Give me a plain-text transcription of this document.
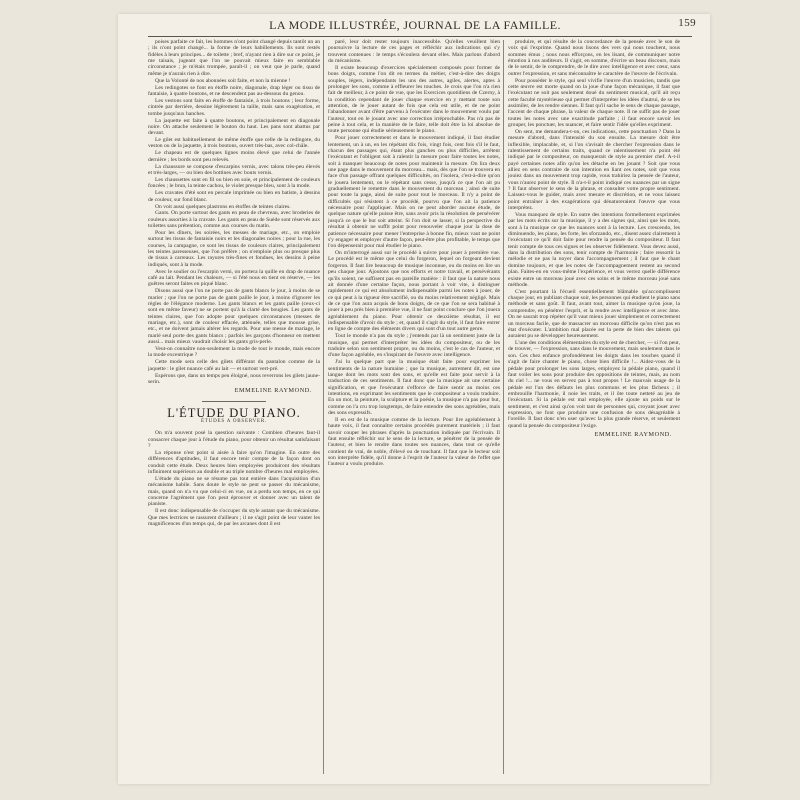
LA MODE ILLUSTRÉE, JOURNAL DE LA FAMILLE.	159

poises parfaite ce fait, les hommes n'ont point changé depuis tantôt un an ; ils n'ont point changé... la forme de leurs habillements. Ils sont restés fidèles à leurs principes... de toilette ; bref, n'ayant rien à dire sur ce point, je me taisais, jugeant que l'on ne pouvait mieux faire en semblable circonstance ; je m'étais trompée, paraît-il ; on veut que je parle, quand même je n'aurais rien à dire.

Que la Volonté de nos abonnées soit faite, et non la mienne !

Les redingotes se font en étoffe noire, diagonale, drap léger ou tissu de fantaisie, à quatre boutons, et ne descendent pas au-dessous du genou.

Les vestons sont faits en étoffe de fantaisie, à trois boutons ; leur forme, cintrée par derrière, dessine légèrement la taille, mais sans exagération, et tombe jusqu'aux hanches.

La jaquette est faite à quatre boutons, et principalement en diagonale noire. On attache seulement le bouton du haut. Les pans sont abattus par devant.

Le gilet est habituellement de même étoffe que celle de la redingote, du veston ou de la jaquette, à trois boutons, ouvert très-bas, avec col-châle.

Le chapeau est de quelques lignes moins élevé que celui de l'année dernière ; les bords sont peu relevés.

La chaussure se compose d'escarpins vernis, avec talons très-peu élevés et très-larges, — ou bien des bottines avec bouts vernis.

Les chaussettes sont en fil ou bien en soie, et principalement de couleurs foncées ; le brun, la teinte cachou, le violet presque bleu, sont à la mode.

Les cravates d'été sont en percale imprimée ou bien en batiste, à dessins de couleur, sur fond blanc.

On voit aussi quelques plastrons en étoffes de teintes claires.

Gants. On porte surtout des gants en peau de chevreau, avec broderies de couleurs assorties à la cravate. Les gants en peau de Suède sont réservés aux toilettes sans prétention, comme aux courses du matin.

Pour les dîners, les soirées, les messes de mariage, etc., on emploie surtout les tissus de fantaisie noirs et les diagonales noires ; pour la rue, les courses, la campagne, ce sont les tissus de couleurs claires, principalement les teintes paresseuses, que l'on préfère ; on n'emploie plus ou presque plus de tissus à carreaux. Les rayures très-fines et fondues, les dessins à peine indiqués, sont à la mode.

Avec le soulier ou l'escarpin verni, on portera la quille en drap de nuance café au lait. Pendant les chaleurs, — si l'été nous en tient en réserve, — les guêtres seront faites en piqué blanc.

Disons aussi que l'on ne porte pas de gants blancs le jour, à moins de se marier ; que l'on ne porte pas de gants paille le jour, à moins d'ignorer les règles de l'élégance moderne. Les gants blancs et les gants paille (ceux-ci sont en même faveur) ne se portent qu'à la clarté des bougies. Les gants de teintes claires, que l'on adopte pour quelques circonstances (messes de mariage, etc.), sont de couleur effacée, atténuée, telles que mousse grise, etc., et ne doivent jamais altérer les regards. Pour une messe de mariage, le marié seul porte des gants blancs ; parfois les garçons d'honneur en mettent aussi... mais mieux vaudrait choisir les gants gris-perle.

Veut-on connaître non-seulement la mode de tout le monde, mais encore la mode excentrique ?

Cette mode sera celle des gilets différant du pantalon comme de la jaquette : le gilet nuance café au lait — et surtout vert-pré.

Espérons que, dans un temps peu éloigné, nous reverrons les gilets jaune-serin.

EMMELINE RAYMOND.
L'ÉTUDE DU PIANO.
ÉTUDES A OBSERVER.

On m'a souvent posé la question suivante : Combien d'heures faut-il consacrer chaque jour à l'étude du piano, pour obtenir un résultat satisfaisant ?

La réponse n'est point si aisée à faire qu'on l'imagine. En outre des différences d'aptitudes, il faut encore tenir compte de la façon dont on conduit cette étude. Deux heures bien employées produiront des résultats infiniment supérieurs au double et au triple nombre d'heures mal employées.

L'étude du piano ne se résume pas tout entière dans l'acquisition d'un mécanisme habile. Sans doute le style ne peut se passer du mécanisme, mais, quand on n'a vu que celui-ci en vue, on a perdu son temps, en ce qui concerne l'agrément que l'on peut éprouver et donner avec un talent de pianiste.

Il est donc indispensable de s'occuper du style autant que du mécanisme. Que mes lectrices se rassurent d'ailleurs ; il ne s'agit point de leur vanter les magnificences d'un temps qui, de par les arcanes dont il est

paré, leur doit rester toujours inaccessible. Qu'elles veuillent bien poursuivre la lecture de ces pages et réfléchir aux indications qui s'y trouvent contenues : le temps s'écoulera devant elles. Mais parlons d'abord du mécanisme.

Il existe beaucoup d'exercices spécialement composés pour former de bons doigts, comme l'on dit en termes du métier, c'est-à-dire des doigts souples, légers, indépendants les uns des autres, agiles, alertes, aptes à prolonger les sons, comme à effleurer les touches. Je crois que l'on n'a rien fait de meilleur, à ce point de vue, que les Exercices quotidiens de Czerny, à la condition cependant de jouer chaque exercice en y mettant toute son attention, de le jouer autant de fois que cela est utile, et de ne point l'abandonner avant d'être parvenu à l'exécuter dans le mouvement voulu par l'auteur, tout en le jouant avec une correction irréprochable. Pas n'a pas de peine à tout cela, et la manière de le faire, telle doit être la loi absolue de toute personne qui étudie sérieusement le piano.

Pour jouer correctement et dans le mouvement indiqué, il faut étudier lentement, un à un, en les répétant dix fois, vingt fois, cent fois s'il le faut, chacun des passages qui, étant plus ganches ou plus difficiles, arrêtent l'exécutant et l'obligent soit à ralentir la mesure pour faire toutes les notes, soit à manquer beaucoup de notes pour maintenir la mesure. On lira deux une page dans le mouvement du morceau... mais, dès que l'on se trouvera en face d'un passage offrant quelques difficultés, on l'isolera, c'est-à-dire qu'on le jouera lentement, on le répétant sans cesse, jusqu'à ce que l'on ait pu graduellement le remettre dans le mouvement du morceau ; ainsi de suite pour toute la page, ainsi de suite pour tout le morceau. Il n'y a point de difficultés qui résistent à ce procédé, pourvu que l'on ait la patience nécessaire pour l'appliquer. Mais on ne peut aborder aucune étude, de quelque nature qu'elle puisse être, sans avoir pris la résolution de persévérer jusqu'à ce que le but soit atteint. Si l'on doit se lasser, si la perspective du résultat à obtenir ne suffit point pour renouveler chaque jour la dose de patience nécessaire pour mener l'entreprise à bonne fin, mieux vaut ne point s'y engager et employer d'autre façon, peut-être plus profitable, le temps que l'on dépenserait pour mal étudier le piano.

On m'interrogé aussi sur le procédé à suivre pour jouer à première vue. Le procédé est le même que celui du forgeron, lequel on forgeant devient forgeron. Il faut lire beaucoup de musique inconnue, ou du moins en lire un peu chaque jour. Ajoutons que nos efforts et notre travail, et persévérants qu'ils soient, ne suffisent pas en pareille matière : il faut que la nature nous ait donnée d'une certaine façon, nous portant à voir vite, à distinguer rapidement ce qui est absolument indispensable parmi les notes à jouer, de ce qui peut à la rigueur être sacrifié, ou du moins relativement négligé. Mais de ce que l'on aura acquis de bons doigts, de ce que l'on se sera habitué à jouer à peu près bien à première vue, il ne faut point conclure que l'on jouera agréablement du piano. Pour obtenir ce deuxième résultat, il est indispensable d'avoir du style ; et, quand il s'agit du style, il faut faire entrer en ligne de compte des éléments divers qui sont d'un tout autre genre.

Tout le monde n'a pas du style ; j'entends par là un sentiment juste de la musique, qui permet d'interpréter les idées du compositeur, ou de les traduire selon son sentiment propre, ou du moins, c'est le cas de l'auteur, et d'une façon agréable, en s'inspirant de l'œuvre avec intelligence.

J'ai lu quelque part que la musique était faite pour exprimer les sentiments de la nature humaine ; que la musique, autrement dit, est une langue dont les mots sont des sons, et qu'elle est faite pour servir à la traduction de ces sentiments. Il faut donc que la musique ait une certaine signification, et que l'exécutant s'efforce de faire sentir au moins ces intentions, en exprimant les sentiments que le compositeur a voulu traduire. En un mot, la peinture, la sculpture et la poésie, la musique n'a pas pour but, comme on l'a cru trop longtemps, de faire entendre des sons agréables, mais des sons expressifs.

Il en est de la musique comme de la lecture. Pour lire agréablement à haute voix, il faut connaître certains procédés purement matériels ; il faut savoir couper les phrases d'après la ponctuation indiquée par l'écrivain. Il faut ensuite réfléchir sur le sens de la lecture, se pénétrer de la pensée de l'auteur, et bien le rendre dans toutes ses nuances, dans tout ce qu'elle contient de vrai, de noble, d'élevé ou de touchant. Il faut que le lecteur soit son interprète fidèle, qu'il donne à l'esprit de l'auteur la valeur de l'effet que l'auteur a voulu produire.

produire, et qui résulte de la concordance de la pensée avec le son de voix qui l'exprime. Quand nous lisons des vers qui nous touchent, nous sommes émus ; nous nous efforçons, en les lisant, de communiquer notre émotion à nos auditeurs. Il s'agit, en somme, d'écrire un beau discours, mais de le sentir, de le comprendre, de le dire avec intelligence et avec cœur, sans outrer l'expression, et sans méconnaître le caractère de l'œuvre de l'écrivain.

Pour posséder le style, qui seul vivifie l'œuvre d'un musicien, tandis que cette œuvre est morte quand on la joue d'une façon mécanique, il faut que l'exécutant ne soit pas seulement doué du sentiment musical, qu'il ait reçu cette faculté mystérieuse qui permet d'interpréter les idées d'autrui, de se les assimiler, de les rendre siennes. Il faut qu'il sache le sens de chaque passage, l'accent de chaque phrase, la valeur de chaque note. Il ne suffit pas de jouer toutes les notes avec une exactitude parfaite ; il faut encore savoir les grouper, les ponctuer, les nuancer, et faire sentir l'idée qu'elles expriment.

On sent, me demandera-t-on, ces indications, cette ponctuation ? Dans la mesure d'abord, dans l'intensité du son ensuite. La mesure doit être inflexible, implacable, et, si l'on s'avisait de chercher l'expression dans le ralentissement de certains traits, quand ce ralentissement n'a point été indiqué par le compositeur, on manquerait de style au premier chef. A-t-il payé certaines notes afin qu'on les détache en les jouant ? Soit que vous alliez en sens contraire de son intention en liant ces notes, soit que vous jouiez dans un mouvement trop rapide, vous trahiriez la pensée de l'auteur, vous n'aurez point de style. Il n'a-t-il point indiqué ces nuances par un signe ? Il faut observer le sens de la phrase, et consulter votre propre sentiment. Laissez-vous le guider, mais avec mesure et discrétion, et ne vous laissez point entraîner à des exagérations qui dénatureraient l'œuvre que vous interprétez.

Vous manquez de style. En outre des intentions formellement exprimées par les mots écrits sur la musique, il y a des signes qui, ainsi que les mots, sont à la musique ce que les nuances sont à la lecture. Les crescendo, les diminuendo, les piano, les forte, les sforzando, etc., disent assez clairement à l'exécutant ce qu'il doit faire pour rendre la pensée du compositeur. Il faut tenir compte de tous ces signes et les observer fidèlement. Vous devez aussi, dans la distribution des sons, tenir compte de l'harmonie ; faire ressortir la mélodie et ne pas la noyer dans l'accompagnement ; il faut que le chant domine toujours, et que les notes de l'accompagnement restent au second plan. Faites-en en vous-même l'expérience, et vous verrez quelle différence existe entre un morceau joué avec ces soins et le même morceau joué sans méthode.

C'est pourtant là l'écueil essentiellement blâmable qu'accomplissent chaque jour, en publiant chaque soir, les personnes qui étudient le piano sans méthode et sans goût. Il faut, avant tout, aimer la musique qu'on joue, la comprendre, en pénétrer l'esprit, et la rendre avec intelligence et avec âme. On ne saurait trop répéter qu'il vaut mieux jouer simplement et correctement un morceau facile, que de massacrer un morceau difficile qu'on n'est pas en état d'exécuter. L'ambition mal placée est la perte de bien des talents qui auraient pu se développer heureusement.

L'une des conditions élémentaires du style est de chercher, — si l'on peut, de trouver, — l'expression, sans dans le mouvement, mais seulement dans le son. Ces chez enfance profondément les doigts dans les touches quand il s'agit de faire chanter le piano, chose bien difficile !... Aidez-vous de la pédale pour prolonger les sons larges, employez la pédale piano, quand il faut voiler les sons pour produire des oppositions de teintes, mais, au nom du ciel !... ne vous en servez pas à tout propos ! Le mauvais usage de la pédale est l'un des défauts les plus communs et les plus fâcheux ; il embrouille l'harmonie, il noie les traits, et il ôte toute netteté au jeu de l'exécutant. Si la pédale est mal employée, elle ajoute un poids sur le sentiment, et c'est ainsi qu'on voit tant de personnes qui, croyant jouer avec expression, ne font que produire une confusion de sons désagréable à l'oreille. Il faut donc n'en user qu'avec la plus grande réserve, et seulement quand la pensée du compositeur l'exige.

EMMELINE RAYMOND.
